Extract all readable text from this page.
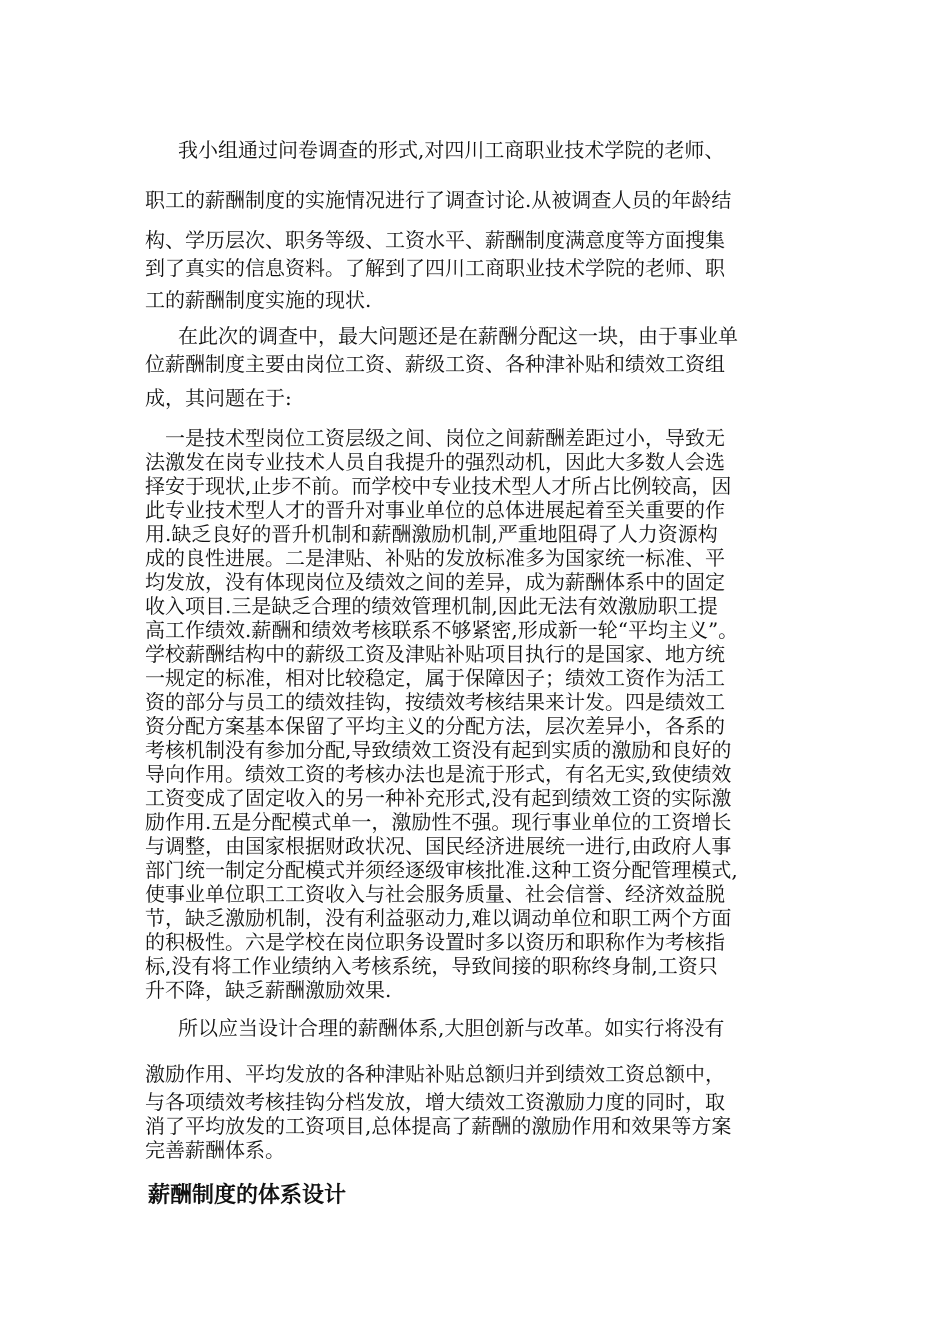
我小组通过问卷调查的形式,对四川工商职业技术学院的老师、
职工的薪酬制度的实施情况进行了调查讨论.从被调查人员的年龄结
构、学历层次、职务等级、工资水平、薪酬制度满意度等方面搜集
到了真实的信息资料。了解到了四川工商职业技术学院的老师、职
工的薪酬制度实施的现状.
在此次的调查中，最大问题还是在薪酬分配这一块，由于事业单
位薪酬制度主要由岗位工资、薪级工资、各种津补贴和绩效工资组
成，其问题在于:
一是技术型岗位工资层级之间、岗位之间薪酬差距过小，导致无
法激发在岗专业技术人员自我提升的强烈动机，因此大多数人会选
择安于现状,止步不前。而学校中专业技术型人才所占比例较高，因
此专业技术型人才的晋升对事业单位的总体进展起着至关重要的作
用.缺乏良好的晋升机制和薪酬激励机制,严重地阻碍了人力资源构
成的良性进展。二是津贴、补贴的发放标准多为国家统一标准、平
均发放，没有体现岗位及绩效之间的差异，成为薪酬体系中的固定
收入项目.三是缺乏合理的绩效管理机制,因此无法有效激励职工提
高工作绩效.薪酬和绩效考核联系不够紧密,形成新一轮“平均主义”。
学校薪酬结构中的薪级工资及津贴补贴项目执行的是国家、地方统
一规定的标准，相对比较稳定，属于保障因子；绩效工资作为活工
资的部分与员工的绩效挂钩，按绩效考核结果来计发。四是绩效工
资分配方案基本保留了平均主义的分配方法，层次差异小，各系的
考核机制没有参加分配,导致绩效工资没有起到实质的激励和良好的
导向作用。绩效工资的考核办法也是流于形式，有名无实,致使绩效
工资变成了固定收入的另一种补充形式,没有起到绩效工资的实际激
励作用.五是分配模式单一，激励性不强。现行事业单位的工资增长
与调整，由国家根据财政状况、国民经济进展统一进行,由政府人事
部门统一制定分配模式并须经逐级审核批准.这种工资分配管理模式,
使事业单位职工工资收入与社会服务质量、社会信誉、经济效益脱
节，缺乏激励机制，没有利益驱动力,难以调动单位和职工两个方面
的积极性。六是学校在岗位职务设置时多以资历和职称作为考核指
标,没有将工作业绩纳入考核系统，导致间接的职称终身制,工资只
升不降，缺乏薪酬激励效果.
所以应当设计合理的薪酬体系,大胆创新与改革。如实行将没有
激励作用、平均发放的各种津贴补贴总额归并到绩效工资总额中，
与各项绩效考核挂钩分档发放，增大绩效工资激励力度的同时，取
消了平均放发的工资项目,总体提高了薪酬的激励作用和效果等方案
完善薪酬体系。
薪酬制度的体系设计
